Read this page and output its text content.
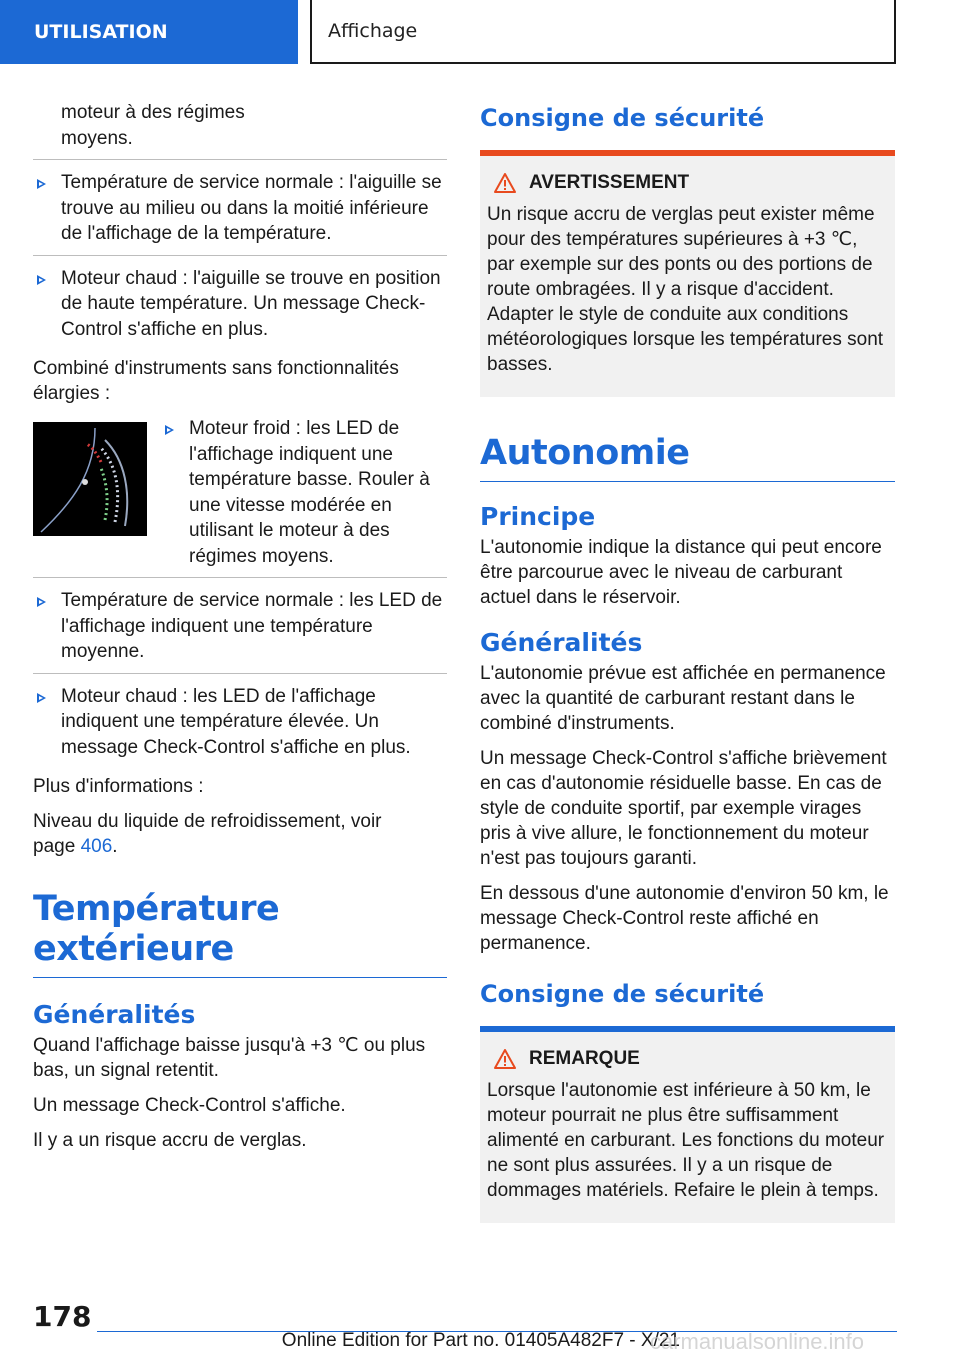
UTILISATION	Affichage

moteur à des régimes moyens.

Température de service normale : l'aiguille se trouve au milieu ou dans la moitié inférieure de l'affichage de la température.

Moteur chaud : l'aiguille se trouve en position de haute température. Un message Check-Control s'affiche en plus.

Combiné d'instruments sans fonctionnalités élargies :

Moteur froid : les LED de l'affichage indiquent une température basse. Rouler à une vitesse modérée en utilisant le moteur à des régimes moyens.

Température de service normale : les LED de l'affichage indiquent une température moyenne.

Moteur chaud : les LED de l'affichage indiquent une température élevée. Un message Check-Control s'affiche en plus.

Plus d'informations :

Niveau du liquide de refroidissement, voir page 406.

Température extérieure
Généralités

Quand l'affichage baisse jusqu'à +3 ℃ ou plus bas, un signal retentit.

Un message Check-Control s'affiche.

Il y a un risque accru de verglas.

Consigne de sécurité
AVERTISSEMENT

Un risque accru de verglas peut exister même pour des températures supérieures à +3 ℃, par exemple sur des ponts ou des portions de route ombragées. Il y a risque d'accident. Adapter le style de conduite aux conditions météorologiques lorsque les températures sont basses.

Autonomie
Principe

L'autonomie indique la distance qui peut encore être parcourue avec le niveau de carburant actuel dans le réservoir.

Généralités

L'autonomie prévue est affichée en permanence avec la quantité de carburant restant dans le combiné d'instruments.

Un message Check-Control s'affiche brièvement en cas d'autonomie résiduelle basse. En cas de style de conduite sportif, par exemple virages pris à vive allure, le fonctionnement du moteur n'est pas toujours garanti.

En dessous d'une autonomie d'environ 50 km, le message Check-Control reste affiché en permanence.

Consigne de sécurité
REMARQUE

Lorsque l'autonomie est inférieure à 50 km, le moteur pourrait ne plus être suffisamment alimenté en carburant. Les fonctions du moteur ne sont plus assurées. Il y a un risque de dommages matériels. Refaire le plein à temps.

178
Online Edition for Part no. 01405A482F7 - X/21
carmanualsonline.info
